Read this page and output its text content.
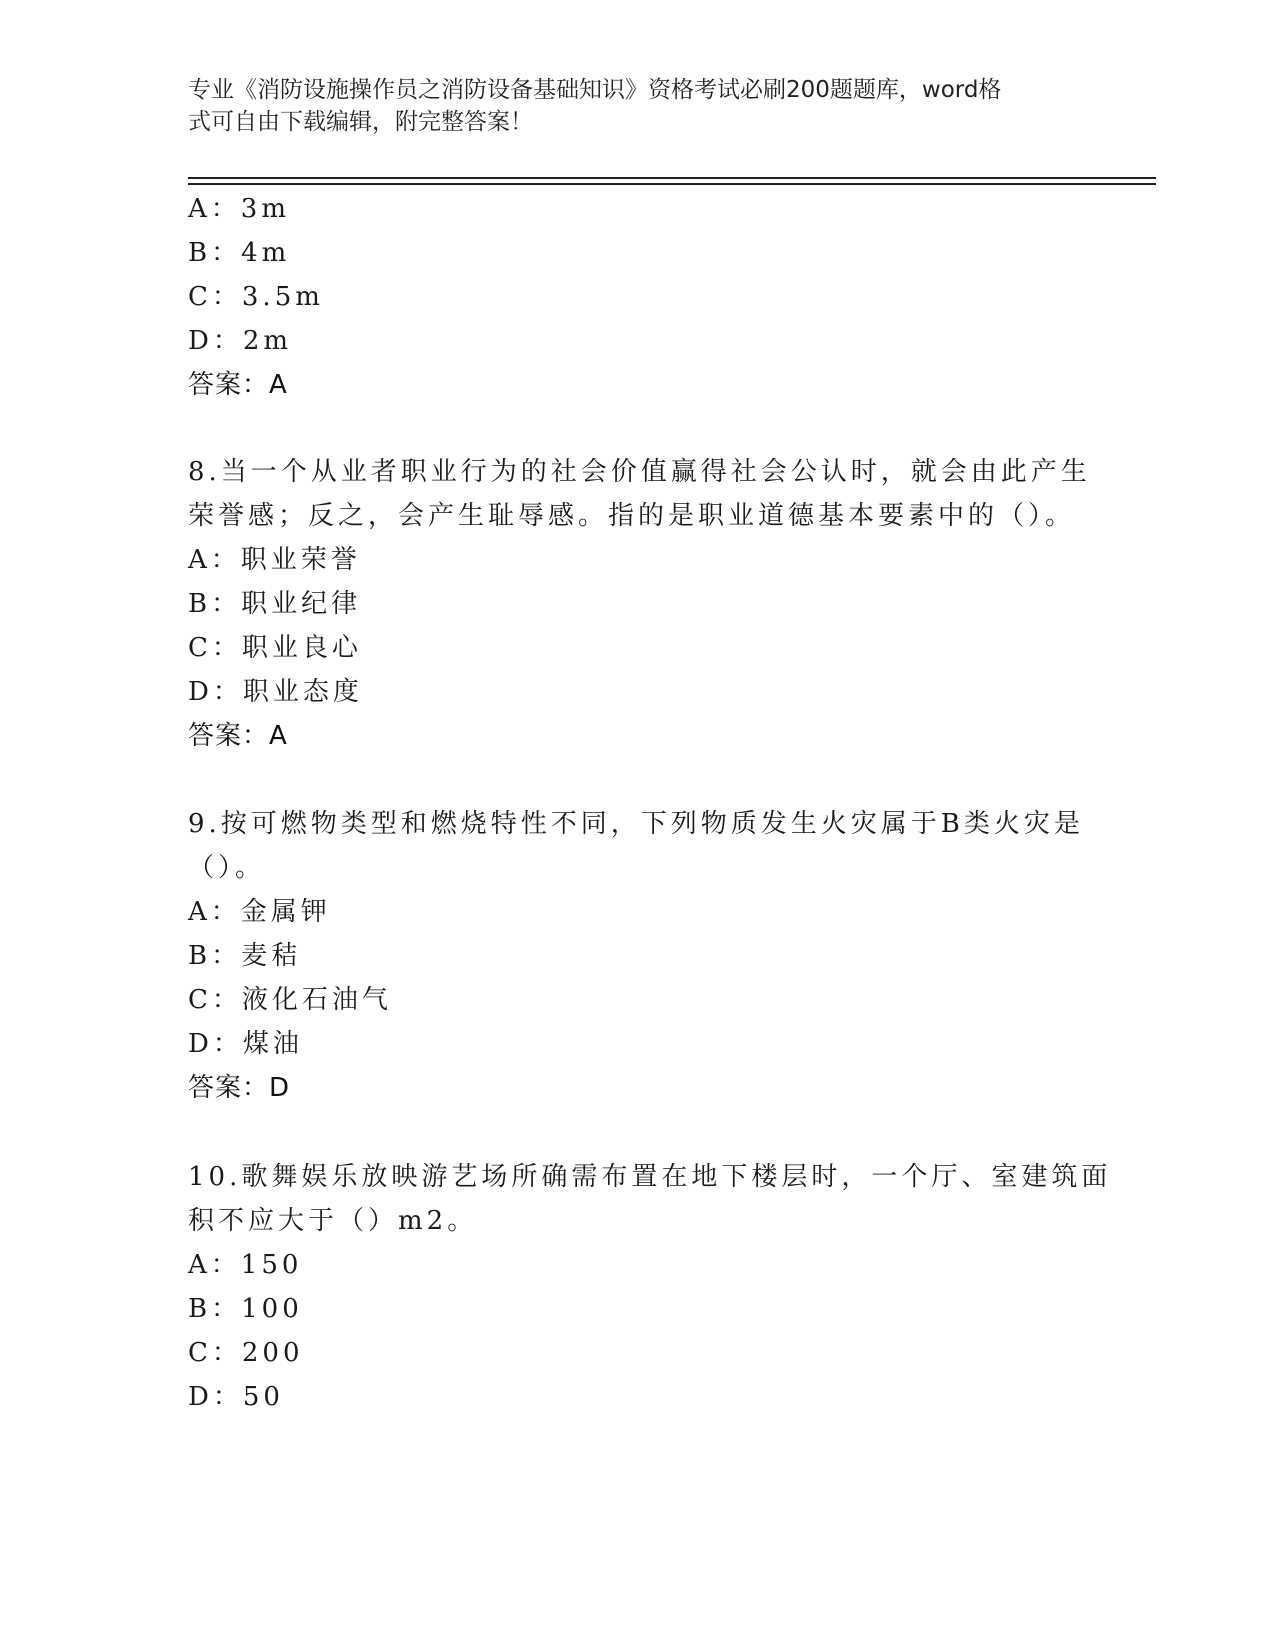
专业《消防设施操作员之消防设备基础知识》资格考试必刷200题题库，word格
式可自由下载编辑，附完整答案！
A：3m
B：4m
C：3.5m
D：2m
答案：A
8.当一个从业者职业行为的社会价值赢得社会公认时，就会由此产生
荣誉感；反之，会产生耻辱感。指的是职业道德基本要素中的（）。
A：职业荣誉
B：职业纪律
C：职业良心
D：职业态度
答案：A
9.按可燃物类型和燃烧特性不同，下列物质发生火灾属于B类火灾是
（）。
A：金属钾
B：麦秸
C：液化石油气
D：煤油
答案：D
10.歌舞娱乐放映游艺场所确需布置在地下楼层时，一个厅、室建筑面
积不应大于（）m2。
A：150
B：100
C：200
D：50
